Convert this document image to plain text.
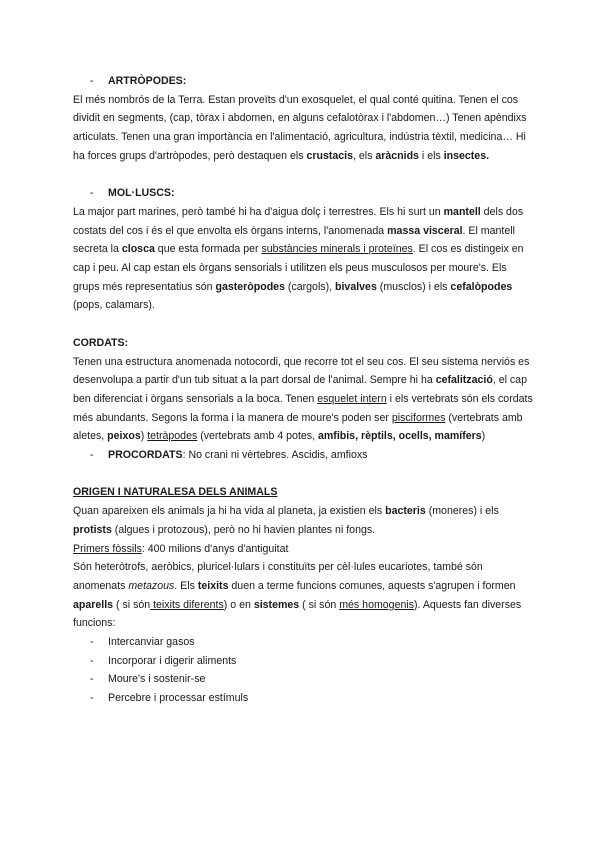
- ARTRÒPODES:

El més nombrós de la Terra. Estan proveïts d'un exosquelet, el qual conté quitina. Tenen el cos dividit en segments, (cap, tòrax i abdomen, en alguns cefalotòrax i l'abdomen…) Tenen apèndixs articulats. Tenen una gran importància en l'alimentació, agricultura, indústria tèxtil, medicina… Hi ha forces grups d'artròpodes, però destaquen els crustacis, els aràcnids i els insectes.

- MOL·LUSCS:

La major part marines, però també hi ha d'aigua dolç i terrestres. Els hi surt un mantell dels dos costats del cos i és el que envolta els òrgans interns, l'anomenada massa visceral. El mantell secreta la closca que esta formada per substàncies minerals i proteïnes. El cos es distingeix en cap i peu. Al cap estan els òrgans sensorials i utilitzen els peus musculosos per moure's. Els grups més representatius són gasteròpodes (cargols), bivalves (musclos) i els cefalòpodes (pops, calamars).

CORDATS:

Tenen una estructura anomenada notocordi, que recorre tot el seu cos. El seu sistema nerviós es desenvolupa a partir d'un tub situat a la part dorsal de l'animal. Sempre hi ha cefalització, el cap ben diferenciat i òrgans sensorials a la boca. Tenen esquelet intern i els vertebrats són els cordats més abundants. Segons la forma i la manera de moure's poden ser pisciformes (vertebrats amb aletes, peixos) tetràpodes (vertebrats amb 4 potes, amfibis, rèptils, ocells, mamífers)

- PROCORDATS: No crani ni vèrtebres. Ascidis, amfioxs

ORIGEN I NATURALESA DELS ANIMALS

Quan apareixen els animals ja hi ha vida al planeta, ja existien els bacteris (moneres) i els protists (algues i protozous), però no hi havien plantes ni fongs.

Primers fòssils: 400 milions d'anys d'antiguitat

Són heteròtrofs, aeròbics, pluricel·lulars i constituïts per cèl·lules eucariotes, també són anomenats metazous. Els teixits duen a terme funcions comunes, aquests s'agrupen i formen aparells ( si són teixits diferents) o en sistemes ( si són més homogenis). Aquests fan diverses funcions:

- Intercanviar gasos
- Incorporar i digerir aliments
- Moure's i sostenir-se
- Percebre i processar estímuls
